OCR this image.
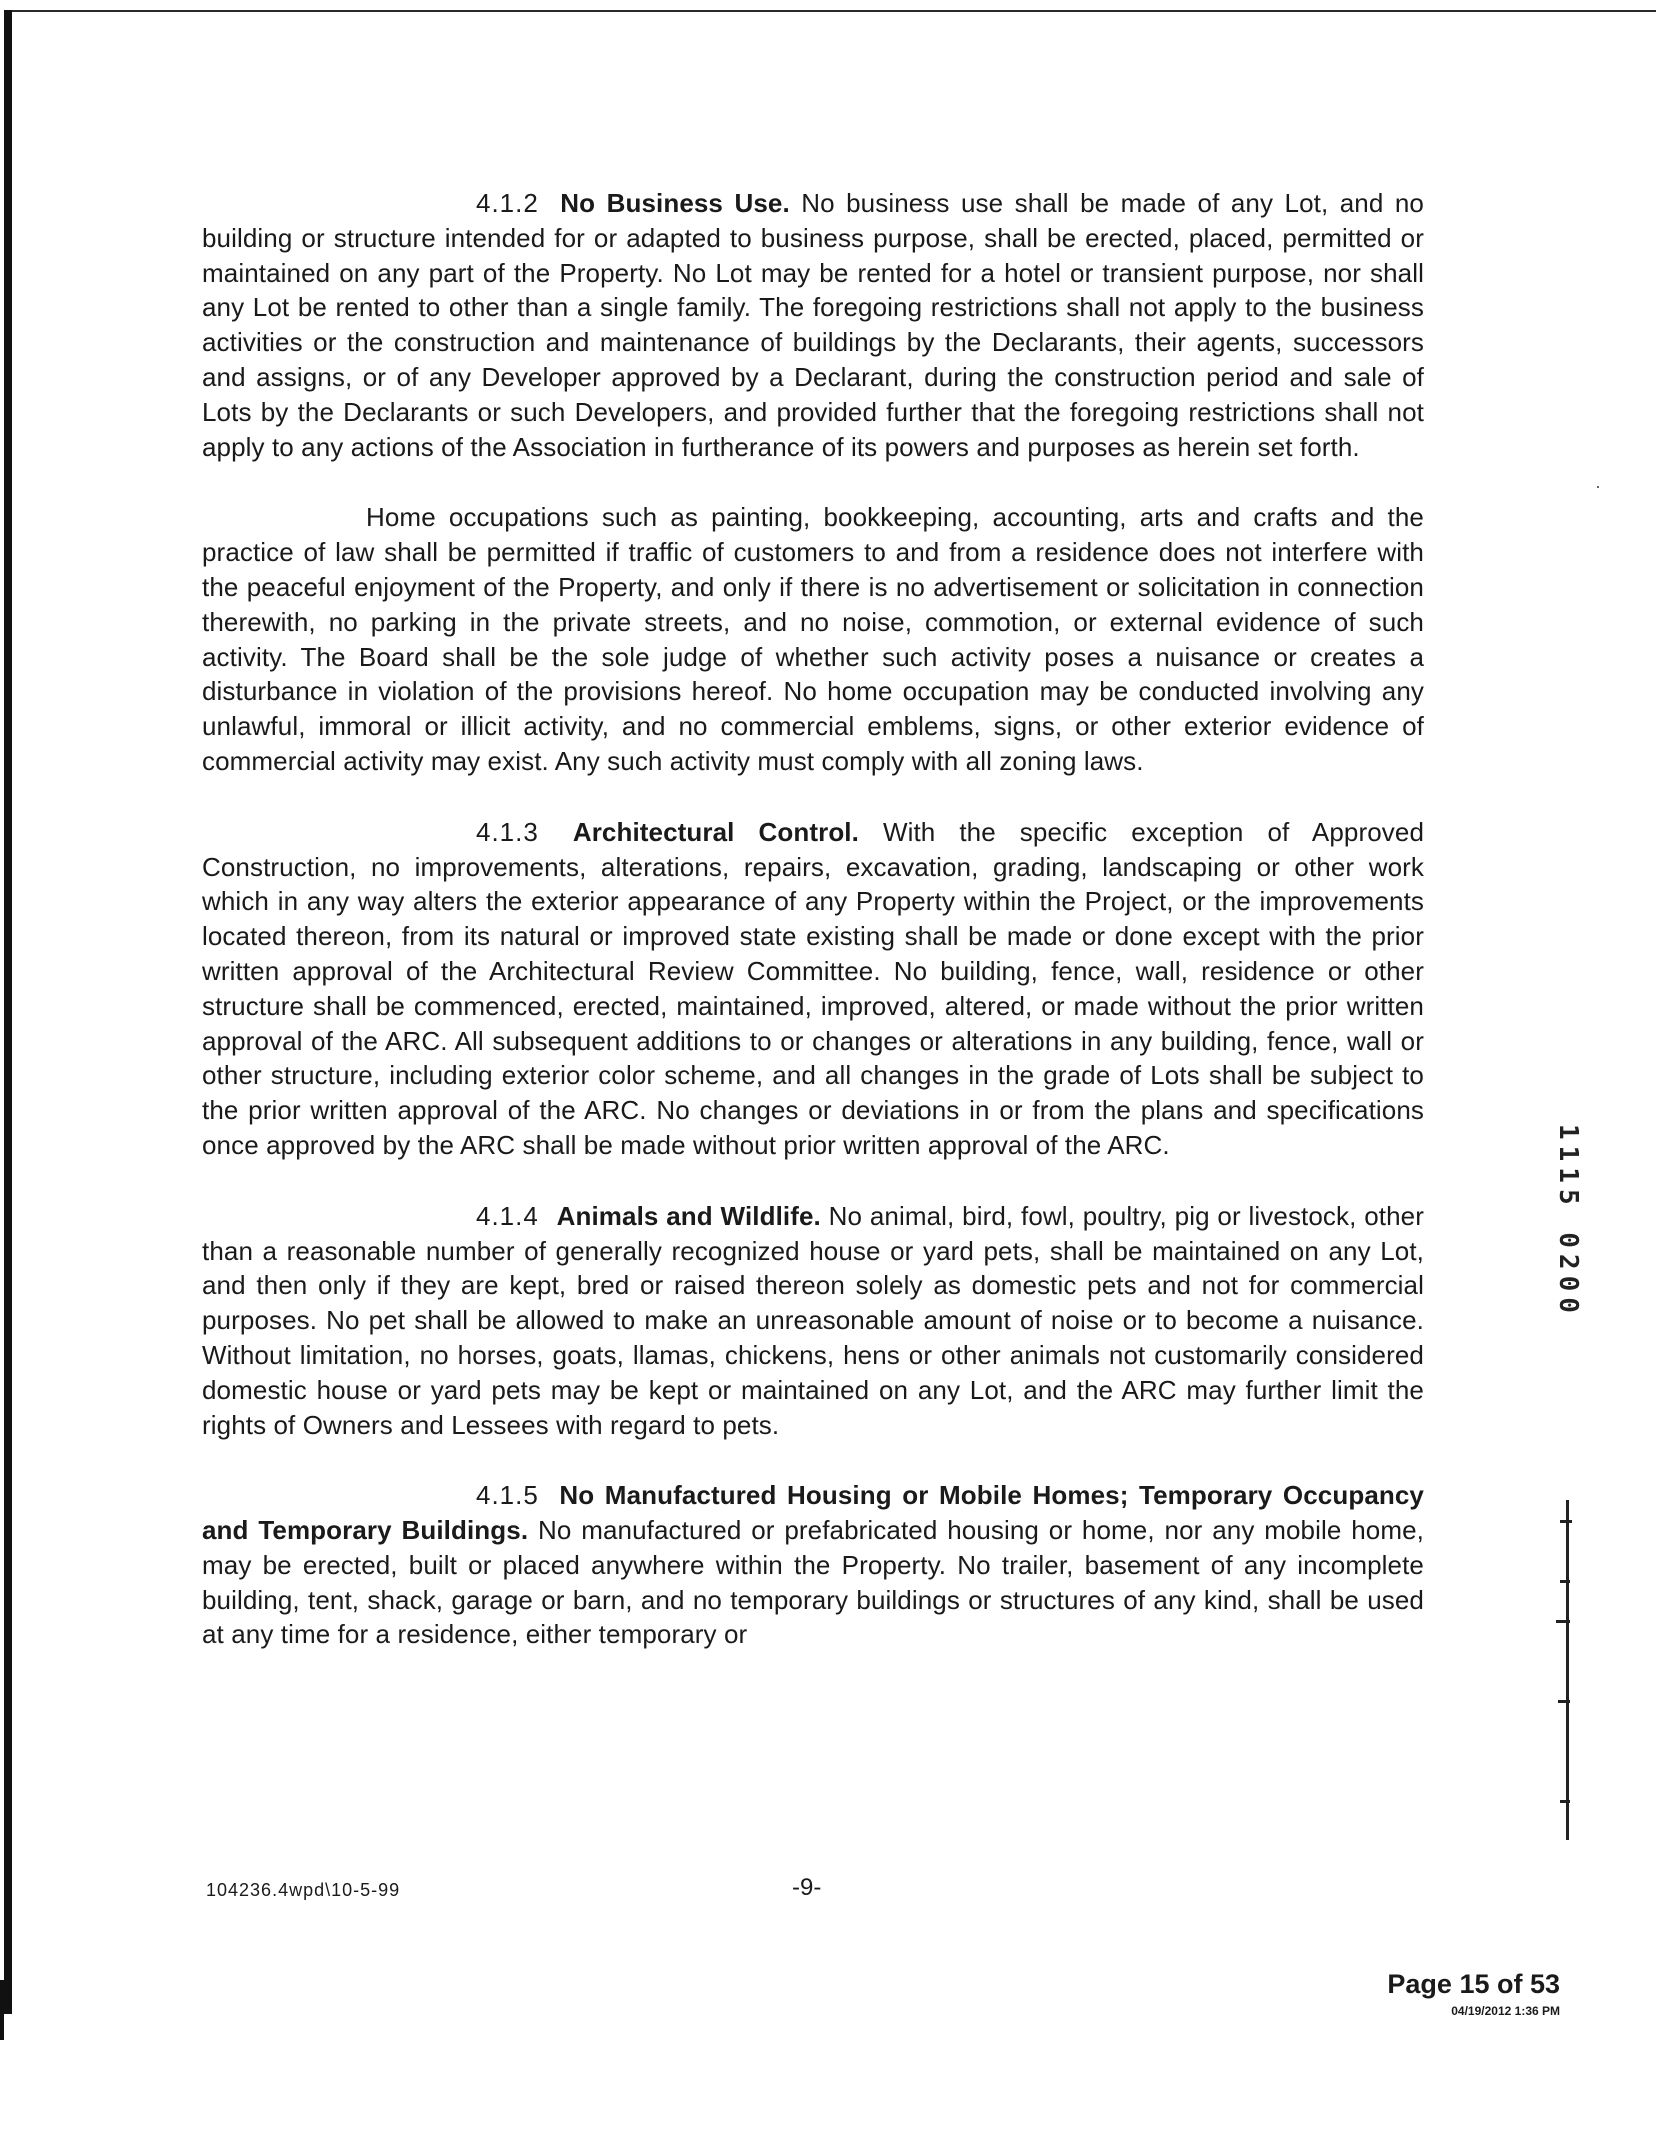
4.1.2 No Business Use. No business use shall be made of any Lot, and no building or structure intended for or adapted to business purpose, shall be erected, placed, permitted or maintained on any part of the Property. No Lot may be rented for a hotel or transient purpose, nor shall any Lot be rented to other than a single family. The foregoing restrictions shall not apply to the business activities or the construction and maintenance of buildings by the Declarants, their agents, successors and assigns, or of any Developer approved by a Declarant, during the construction period and sale of Lots by the Declarants or such Developers, and provided further that the foregoing restrictions shall not apply to any actions of the Association in furtherance of its powers and purposes as herein set forth.

Home occupations such as painting, bookkeeping, accounting, arts and crafts and the practice of law shall be permitted if traffic of customers to and from a residence does not interfere with the peaceful enjoyment of the Property, and only if there is no advertisement or solicitation in connection therewith, no parking in the private streets, and no noise, commotion, or external evidence of such activity. The Board shall be the sole judge of whether such activity poses a nuisance or creates a disturbance in violation of the provisions hereof. No home occupation may be conducted involving any unlawful, immoral or illicit activity, and no commercial emblems, signs, or other exterior evidence of commercial activity may exist. Any such activity must comply with all zoning laws.

4.1.3 Architectural Control. With the specific exception of Approved Construction, no improvements, alterations, repairs, excavation, grading, landscaping or other work which in any way alters the exterior appearance of any Property within the Project, or the improvements located thereon, from its natural or improved state existing shall be made or done except with the prior written approval of the Architectural Review Committee. No building, fence, wall, residence or other structure shall be commenced, erected, maintained, improved, altered, or made without the prior written approval of the ARC. All subsequent additions to or changes or alterations in any building, fence, wall or other structure, including exterior color scheme, and all changes in the grade of Lots shall be subject to the prior written approval of the ARC. No changes or deviations in or from the plans and specifications once approved by the ARC shall be made without prior written approval of the ARC.

4.1.4 Animals and Wildlife. No animal, bird, fowl, poultry, pig or livestock, other than a reasonable number of generally recognized house or yard pets, shall be maintained on any Lot, and then only if they are kept, bred or raised thereon solely as domestic pets and not for commercial purposes. No pet shall be allowed to make an unreasonable amount of noise or to become a nuisance. Without limitation, no horses, goats, llamas, chickens, hens or other animals not customarily considered domestic house or yard pets may be kept or maintained on any Lot, and the ARC may further limit the rights of Owners and Lessees with regard to pets.

4.1.5 No Manufactured Housing or Mobile Homes; Temporary Occupancy and Temporary Buildings. No manufactured or prefabricated housing or home, nor any mobile home, may be erected, built or placed anywhere within the Property. No trailer, basement of any incomplete building, tent, shack, garage or barn, and no temporary buildings or structures of any kind, shall be used at any time for a residence, either temporary or

104236.4wpd\10-5-99	-9-
Page 15 of 53
04/19/2012 1:36 PM
1115 0200
